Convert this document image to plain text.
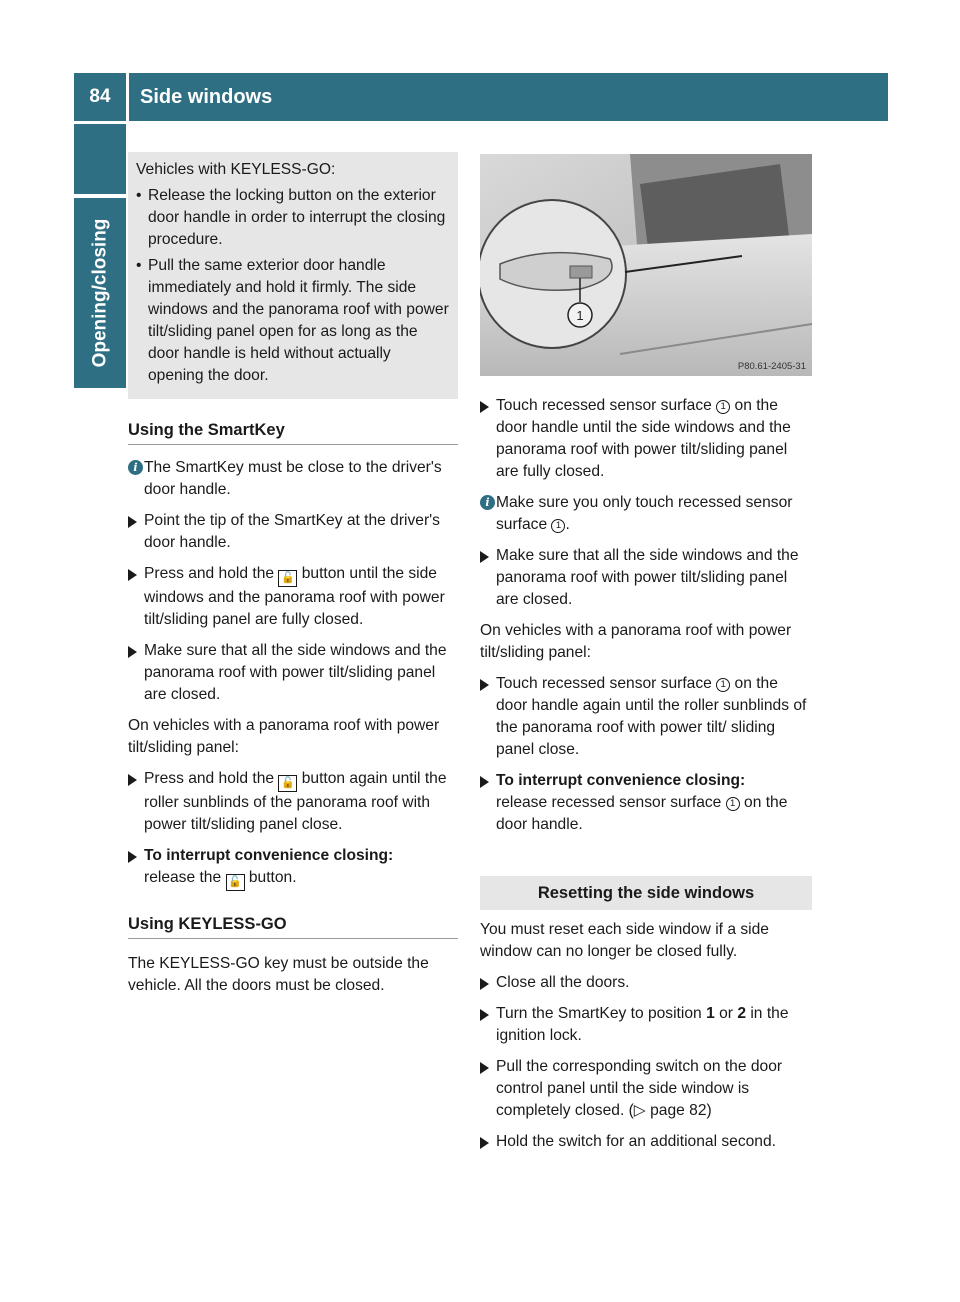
84	Side windows
Opening/closing

Vehicles with KEYLESS-GO:

• Release the locking button on the exterior door handle in order to interrupt the closing procedure.

• Pull the same exterior door handle immediately and hold it firmly. The side windows and the panorama roof with power tilt/sliding panel open for as long as the door handle is held without actually opening the door.

Using the SmartKey
i The SmartKey must be close to the driver's door handle.
Point the tip of the SmartKey at the driver's door handle.
Press and hold the 🔓 button until the side windows and the panorama roof with power tilt/sliding panel are fully closed.
Make sure that all the side windows and the panorama roof with power tilt/sliding panel are closed.

On vehicles with a panorama roof with power tilt/sliding panel:

Press and hold the 🔓 button again until the roller sunblinds of the panorama roof with power tilt/sliding panel close.
To interrupt convenience closing:
release the 🔓 button.
Using KEYLESS-GO

The KEYLESS-GO key must be outside the vehicle. All the doors must be closed.

1
P80.61-2405-31
Touch recessed sensor surface 1 on the door handle until the side windows and the panorama roof with power tilt/sliding panel are fully closed.
i Make sure you only touch recessed sensor surface 1 .
Make sure that all the side windows and the panorama roof with power tilt/sliding panel are closed.

On vehicles with a panorama roof with power tilt/sliding panel:

Touch recessed sensor surface 1 on the door handle again until the roller sunblinds of the panorama roof with power tilt/ sliding panel close.
To interrupt convenience closing:
release recessed sensor surface 1 on the door handle.
Resetting the side windows

You must reset each side window if a side window can no longer be closed fully.

Close all the doors.
Turn the SmartKey to position 1 or 2 in the ignition lock.
Pull the corresponding switch on the door control panel until the side window is completely closed. (▷ page 82)
Hold the switch for an additional second.
